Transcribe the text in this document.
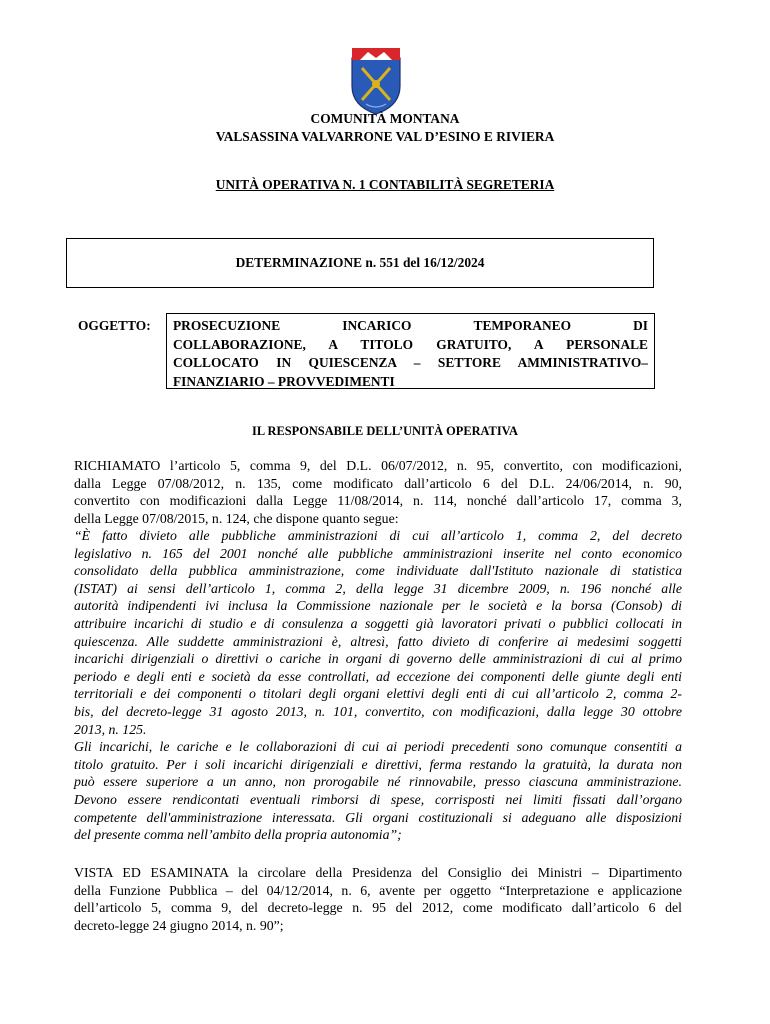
COMUNITÀ MONTANA
VALSASSINA VALVARRONE VAL D’ESINO E RIVIERA
UNITÀ OPERATIVA N. 1 CONTABILITÀ SEGRETERIA
DETERMINAZIONE n. 551 del 16/12/2024
OGGETTO: PROSECUZIONE	INCARICO	TEMPORANEO	DI
COLLABORAZIONE, A TITOLO GRATUITO, A PERSONALE
COLLOCATO IN QUIESCENZA – SETTORE AMMINISTRATIVO–
FINANZIARIO – PROVVEDIMENTI
IL RESPONSABILE DELL’UNITÀ OPERATIVA
RICHIAMATO l’articolo 5, comma 9, del D.L. 06/07/2012, n. 95, convertito, con modificazioni,
dalla Legge 07/08/2012, n. 135, come modificato dall’articolo 6 del D.L. 24/06/2014, n. 90,
convertito con modificazioni dalla Legge 11/08/2014, n. 114, nonché dall’articolo 17, comma 3,
della Legge 07/08/2015, n. 124, che dispone quanto segue:
“È fatto divieto alle pubbliche amministrazioni di cui all’articolo 1, comma 2, del decreto
legislativo n. 165 del 2001 nonché alle pubbliche amministrazioni inserite nel conto economico
consolidato della pubblica amministrazione, come individuate dall'Istituto nazionale di statistica
(ISTAT) ai sensi dell’articolo 1, comma 2, della legge 31 dicembre 2009, n. 196 nonché alle
autorità indipendenti ivi inclusa la Commissione nazionale per le società e la borsa (Consob) di
attribuire incarichi di studio e di consulenza a soggetti già lavoratori privati o pubblici collocati in
quiescenza. Alle suddette amministrazioni è, altresì, fatto divieto di conferire ai medesimi soggetti
incarichi dirigenziali o direttivi o cariche in organi di governo delle amministrazioni di cui al primo
periodo e degli enti e società da esse controllati, ad eccezione dei componenti delle giunte degli enti
territoriali e dei componenti o titolari degli organi elettivi degli enti di cui all’articolo 2, comma 2-
bis, del decreto-legge 31 agosto 2013, n. 101, convertito, con modificazioni, dalla legge 30 ottobre
2013, n. 125.
Gli incarichi, le cariche e le collaborazioni di cui ai periodi precedenti sono comunque consentiti a
titolo gratuito. Per i soli incarichi dirigenziali e direttivi, ferma restando la gratuità, la durata non
può essere superiore a un anno, non prorogabile né rinnovabile, presso ciascuna amministrazione.
Devono essere rendicontati eventuali rimborsi di spese, corrisposti nei limiti fissati dall’organo
competente dell'amministrazione interessata. Gli organi costituzionali si adeguano alle disposizioni
del presente comma nell’ambito della propria autonomia”;
VISTA ED ESAMINATA la circolare della Presidenza del Consiglio dei Ministri – Dipartimento
della Funzione Pubblica – del 04/12/2014, n. 6, avente per oggetto “Interpretazione e applicazione
dell’articolo 5, comma 9, del decreto-legge n. 95 del 2012, come modificato dall’articolo 6 del
decreto-legge 24 giugno 2014, n. 90”;
